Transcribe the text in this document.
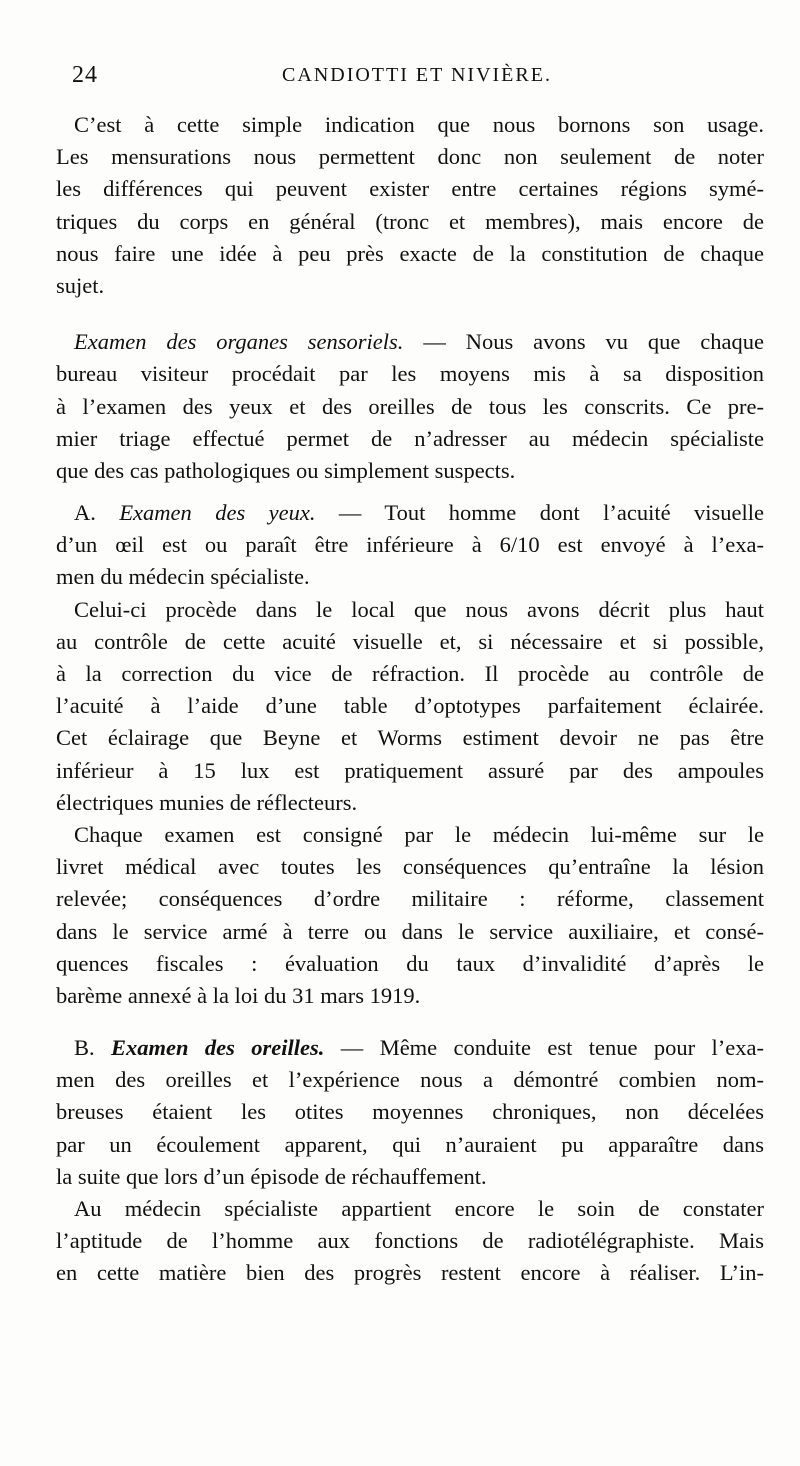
24	CANDIOTTI ET NIVIÈRE.
C’est à cette simple indication que nous bornons son usage.
Les mensurations nous permettent donc non seulement de noter
les différences qui peuvent exister entre certaines régions symé-
triques du corps en général (tronc et membres), mais encore de
nous faire une idée à peu près exacte de la constitution de chaque
sujet.
Examen des organes sensoriels. — Nous avons vu que chaque
bureau visiteur procédait par les moyens mis à sa disposition
à l’examen des yeux et des oreilles de tous les conscrits. Ce pre-
mier triage effectué permet de n’adresser au médecin spécialiste
que des cas pathologiques ou simplement suspects.
A. Examen des yeux. — Tout homme dont l’acuité visuelle
d’un œil est ou paraît être inférieure à 6/10 est envoyé à l’exa-
men du médecin spécialiste.
Celui-ci procède dans le local que nous avons décrit plus haut
au contrôle de cette acuité visuelle et, si nécessaire et si possible,
à la correction du vice de réfraction. Il procède au contrôle de
l’acuité à l’aide d’une table d’optotypes parfaitement éclairée.
Cet éclairage que Beyne et Worms estiment devoir ne pas être
inférieur à 15 lux est pratiquement assuré par des ampoules
électriques munies de réflecteurs.
Chaque examen est consigné par le médecin lui-même sur le
livret médical avec toutes les conséquences qu’entraîne la lésion
relevée; conséquences d’ordre militaire : réforme, classement
dans le service armé à terre ou dans le service auxiliaire, et consé-
quences fiscales : évaluation du taux d’invalidité d’après le
barème annexé à la loi du 31 mars 1919.
B. Examen des oreilles. — Même conduite est tenue pour l’exa-
men des oreilles et l’expérience nous a démontré combien nom-
breuses étaient les otites moyennes chroniques, non décelées
par un écoulement apparent, qui n’auraient pu apparaître dans
la suite que lors d’un épisode de réchauffement.
Au médecin spécialiste appartient encore le soin de constater
l’aptitude de l’homme aux fonctions de radiotélégraphiste. Mais
en cette matière bien des progrès restent encore à réaliser. L’in-
